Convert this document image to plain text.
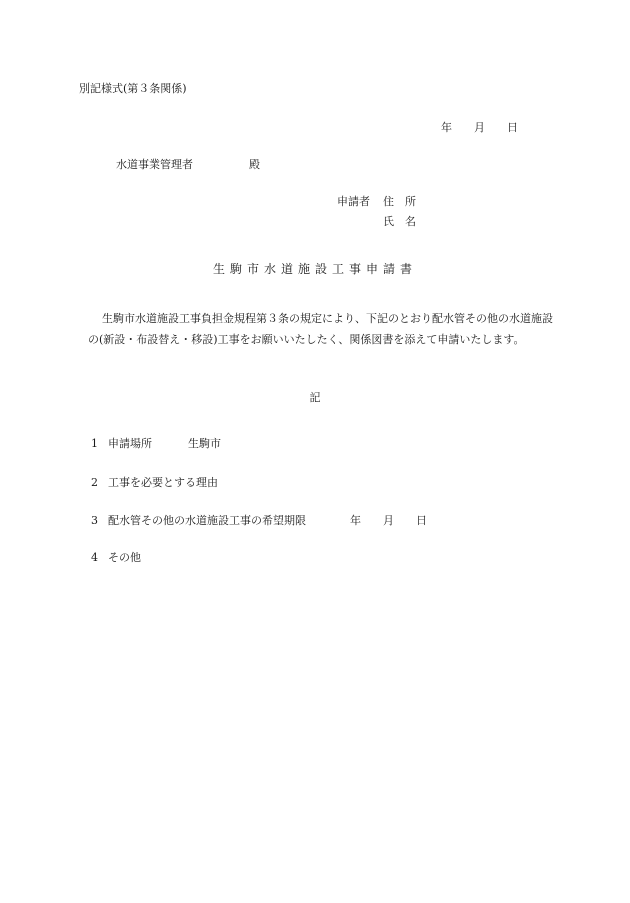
別記様式(第３条関係)
年 月 日
水道事業管理者	殿
申請者 住　所
氏　名
生駒市水道施設工事申請書
生駒市水道施設工事負担金規程第３条の規定により、下記のとおり配水管その他の水道施設の(新設・布設替え・移設)工事をお願いいたしたく、関係図書を添えて申請いたします。
記
1 申請場所	生駒市
2 工事を必要とする理由
3 配水管その他の水道施設工事の希望期限	年 月 日
4 その他
